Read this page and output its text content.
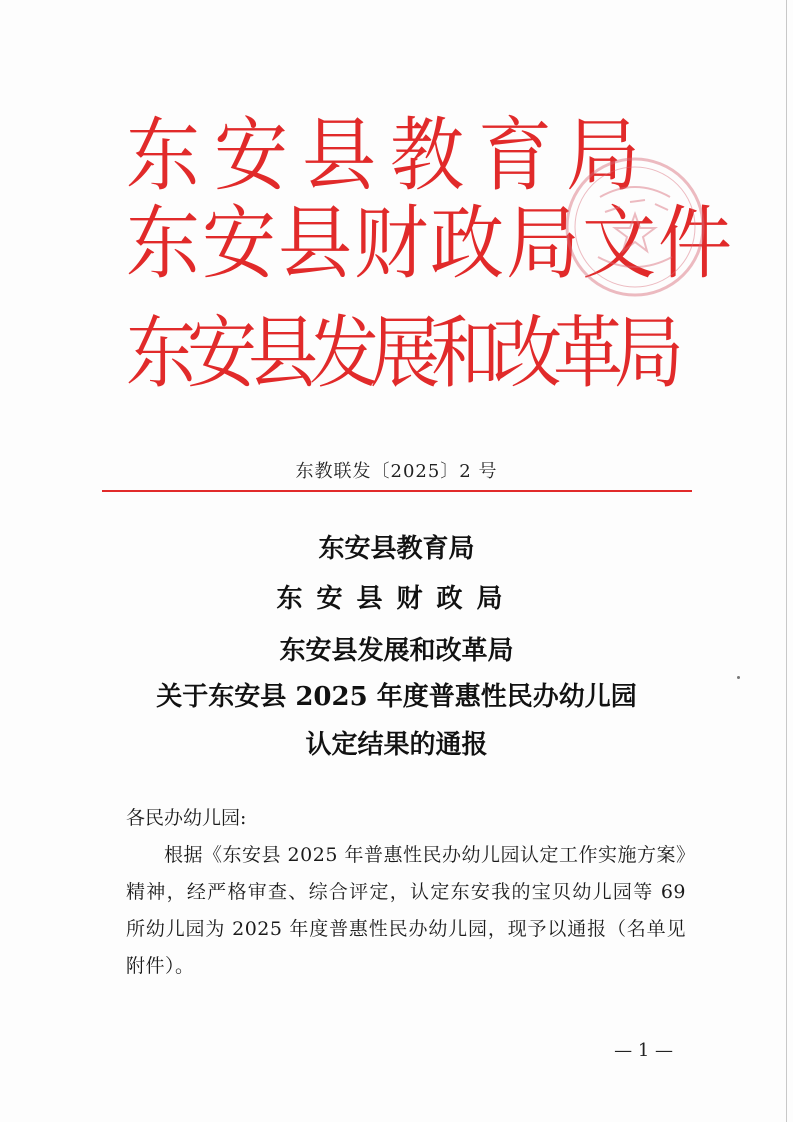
东安县教育局

东安县财政局文件

东安县发展和改革局

东教联发〔2025〕2 号

东安县教育局

东安县财政局

东安县发展和改革局

关于东安县 2025 年度普惠性民办幼儿园

认定结果的通报

各民办幼儿园:

根据《东安县 2025 年普惠性民办幼儿园认定工作实施方案》精神，经严格审查、综合评定，认定东安我的宝贝幼儿园等 69 所幼儿园为 2025 年度普惠性民办幼儿园，现予以通报（名单见附件）。

— 1 —
